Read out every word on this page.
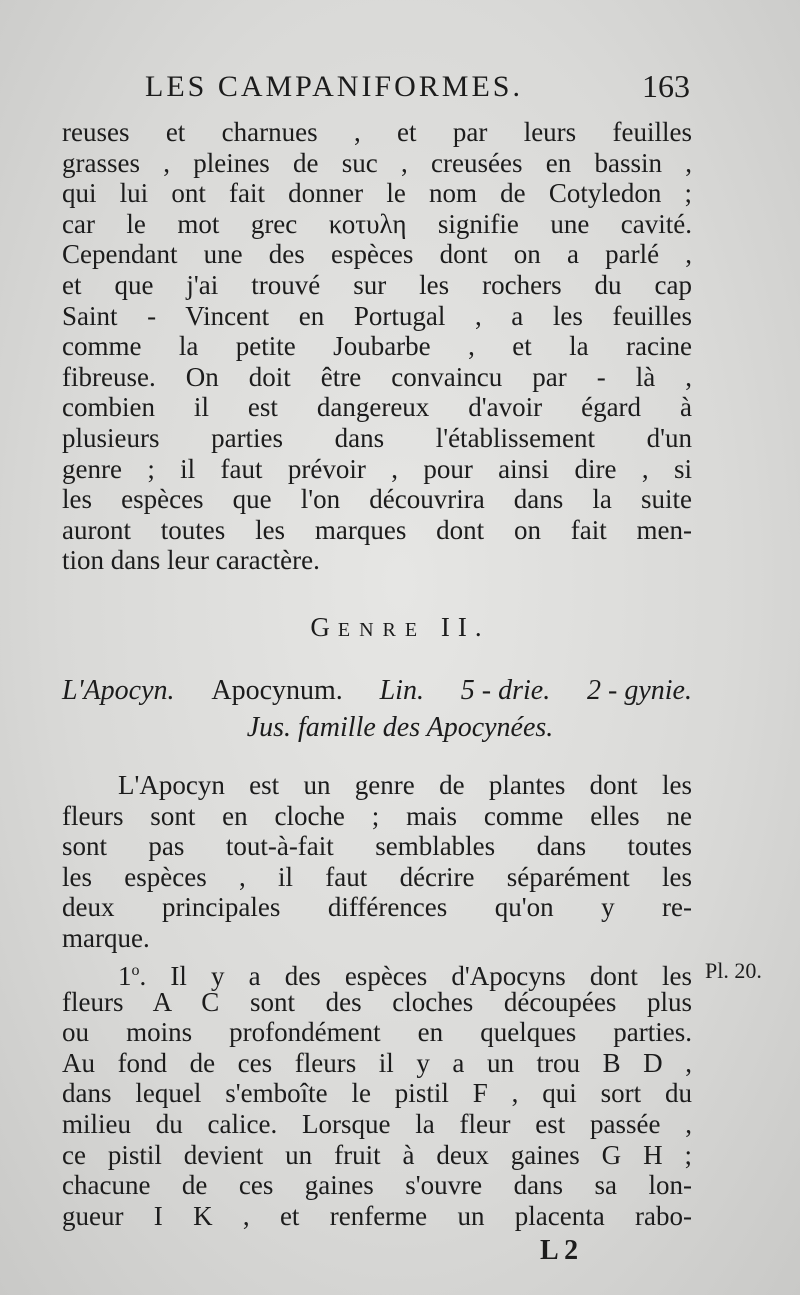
LES CAMPANIFORMES.	163
reuses et charnues , et par leurs feuilles
grasses , pleines de suc , creusées en bassin ,
qui lui ont fait donner le nom de Cotyledon ;
car le mot grec κοτυλη signifie une cavité.
Cependant une des espèces dont on a parlé ,
et que j'ai trouvé sur les rochers du cap
Saint - Vincent en Portugal , a les feuilles
comme la petite Joubarbe , et la racine
fibreuse. On doit être convaincu par - là ,
combien il est dangereux d'avoir égard à
plusieurs parties dans l'établissement d'un
genre ; il faut prévoir , pour ainsi dire , si
les espèces que l'on découvrira dans la suite
auront toutes les marques dont on fait men-
tion dans leur caractère.
GENRE II.
L'Apocyn. Apocynum. Lin. 5 - drie. 2 - gynie.
Jus. famille des Apocynées.
L'Apocyn est un genre de plantes dont les
fleurs sont en cloche ; mais comme elles ne
sont pas tout-à-fait semblables dans toutes
les espèces , il faut décrire séparément les
deux principales différences qu'on y re-
marque.
1$^o$. Il y a des espèces d'Apocyns dont les
fleurs A C sont des cloches découpées plus
ou moins profondément en quelques parties.
Au fond de ces fleurs il y a un trou B D ,
dans lequel s'emboîte le pistil F , qui sort du
milieu du calice. Lorsque la fleur est passée ,
ce pistil devient un fruit à deux gaines G H ;
chacune de ces gaines s'ouvre dans sa lon-
gueur I K , et renferme un placenta rabo-
Pl. 20.
L 2
